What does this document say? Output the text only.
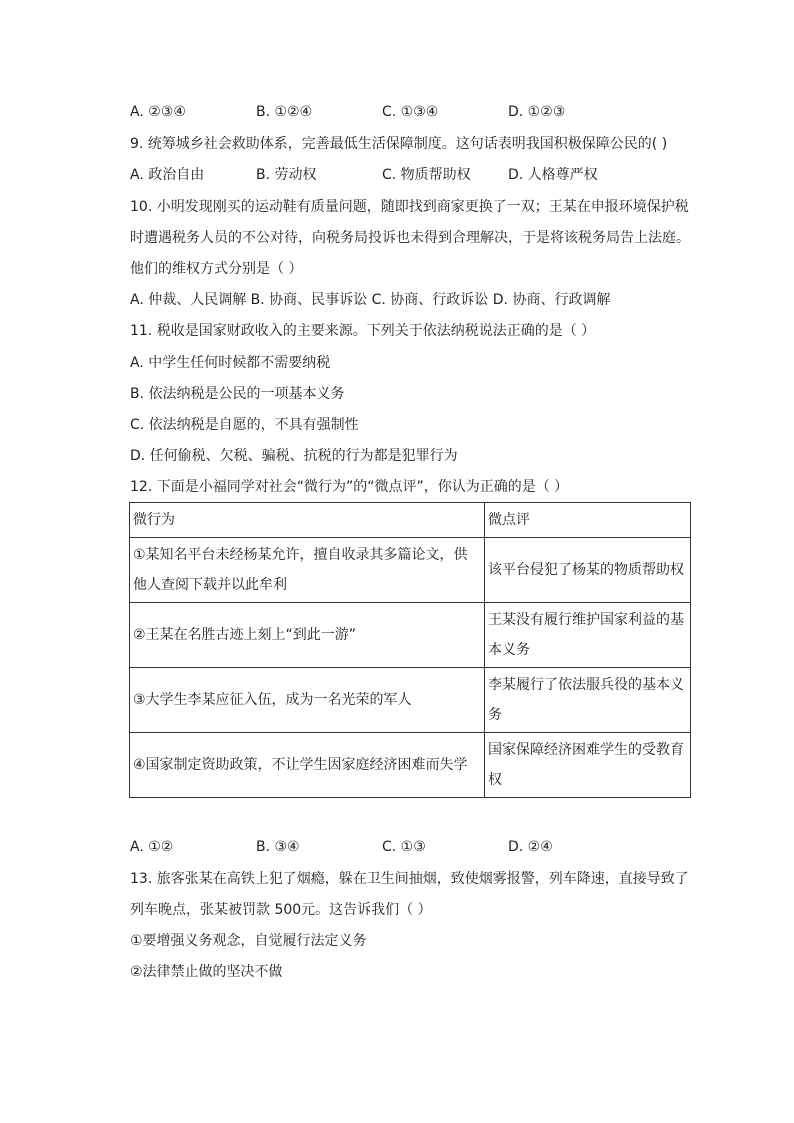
A. ②③④	B. ①②④	C. ①③④	D. ①②③
9. 统筹城乡社会救助体系，完善最低生活保障制度。这句话表明我国积极保障公民的( )
A. 政治自由	B. 劳动权	C. 物质帮助权	D. 人格尊严权
10. 小明发现刚买的运动鞋有质量问题，随即找到商家更换了一双；王某在申报环境保护税
时遭遇税务人员的不公对待，向税务局投诉也未得到合理解决，于是将该税务局告上法庭。
他们的维权方式分别是（ ）
A. 仲裁、人民调解 B. 协商、民事诉讼 C. 协商、行政诉讼 D. 协商、行政调解
11. 税收是国家财政收入的主要来源。下列关于依法纳税说法正确的是（ ）
A. 中学生任何时候都不需要纳税
B. 依法纳税是公民的一项基本义务
C. 依法纳税是自愿的，不具有强制性
D. 任何偷税、欠税、骗税、抗税的行为都是犯罪行为
12. 下面是小福同学对社会“微行为”的“微点评”，你认为正确的是（ ）
微行为	微点评
①某知名平台未经杨某允许，擅自收录其多篇论文，供他人查阅下载并以此牟利	该平台侵犯了杨某的物质帮助权
②王某在名胜古迹上刻上“到此一游”	王某没有履行维护国家利益的基本义务
③大学生李某应征入伍，成为一名光荣的军人	李某履行了依法服兵役的基本义务
④国家制定资助政策，不让学生因家庭经济困难而失学	国家保障经济困难学生的受教育权
A. ①②	B. ③④	C. ①③	D. ②④
13. 旅客张某在高铁上犯了烟瘾，躲在卫生间抽烟，致使烟雾报警，列车降速，直接导致了
列车晚点，张某被罚款 500元。这告诉我们（ ）
①要增强义务观念，自觉履行法定义务
②法律禁止做的坚决不做
